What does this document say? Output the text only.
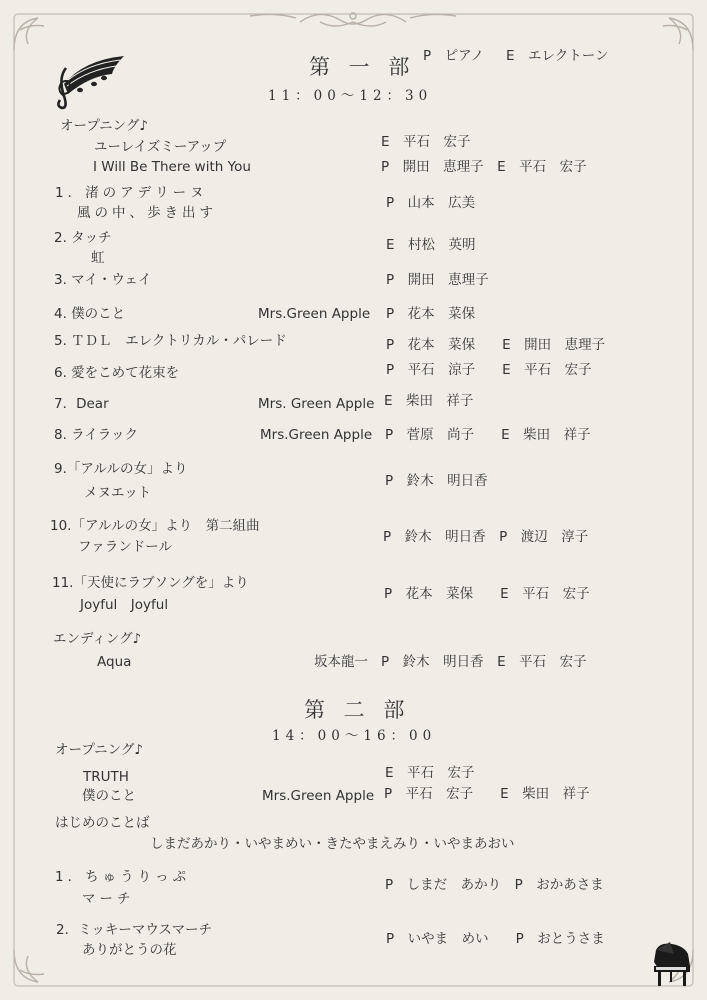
P　ピアノ E　エレクトーン
第 一 部
11：00～12：30
オープニング♪
ユーレイズミーアップ	E　平石　宏子
I Will Be There with You	P　開田　恵理子　E　平石　宏子
1．渚のアデリーヌ
風の中、歩き出す
P　山本　広美
2. タッチ
虹
E　村松　英明
3. マイ・ウェイ	P　開田　恵理子
4. 僕のこと	Mrs.Green Apple P　花本　菜保
5. ＴＤＬ　エレクトリカル・パレード	P　花本　菜保　　E　開田　恵理子
6. 愛をこめて花束を	P　平石　涼子　　E　平石　宏子
7．Dear	Mrs. Green Apple E　柴田　祥子
8. ライラック	Mrs.Green Apple P　菅原　尚子　　E　柴田　祥子
9.「アルルの女」より
メヌエット
P　鈴木　明日香
10.「アルルの女」より　第二組曲
ファランドール
P　鈴木　明日香　P　渡辺　淳子
11.「天使にラブソングを」より
Joyful　Joyful
P　花本　菜保　　E　平石　宏子
エンディング♪
Aqua	坂本龍一 P　鈴木　明日香　E　平石　宏子
第 二 部
14：00～16：00
オープニング♪
TRUTH	E　平石　宏子
僕のこと	Mrs.Green Apple P　平石　宏子　　E　柴田　祥子
はじめのことば
しまだあかり・いやまめい・きたやまえみり・いやまあおい
1．ちゅうりっぷ
マーチ
P　しまだ　あかり　P　おかあさま
2．ミッキーマウスマーチ
ありがとうの花
P　いやま　めい　　P　おとうさま
